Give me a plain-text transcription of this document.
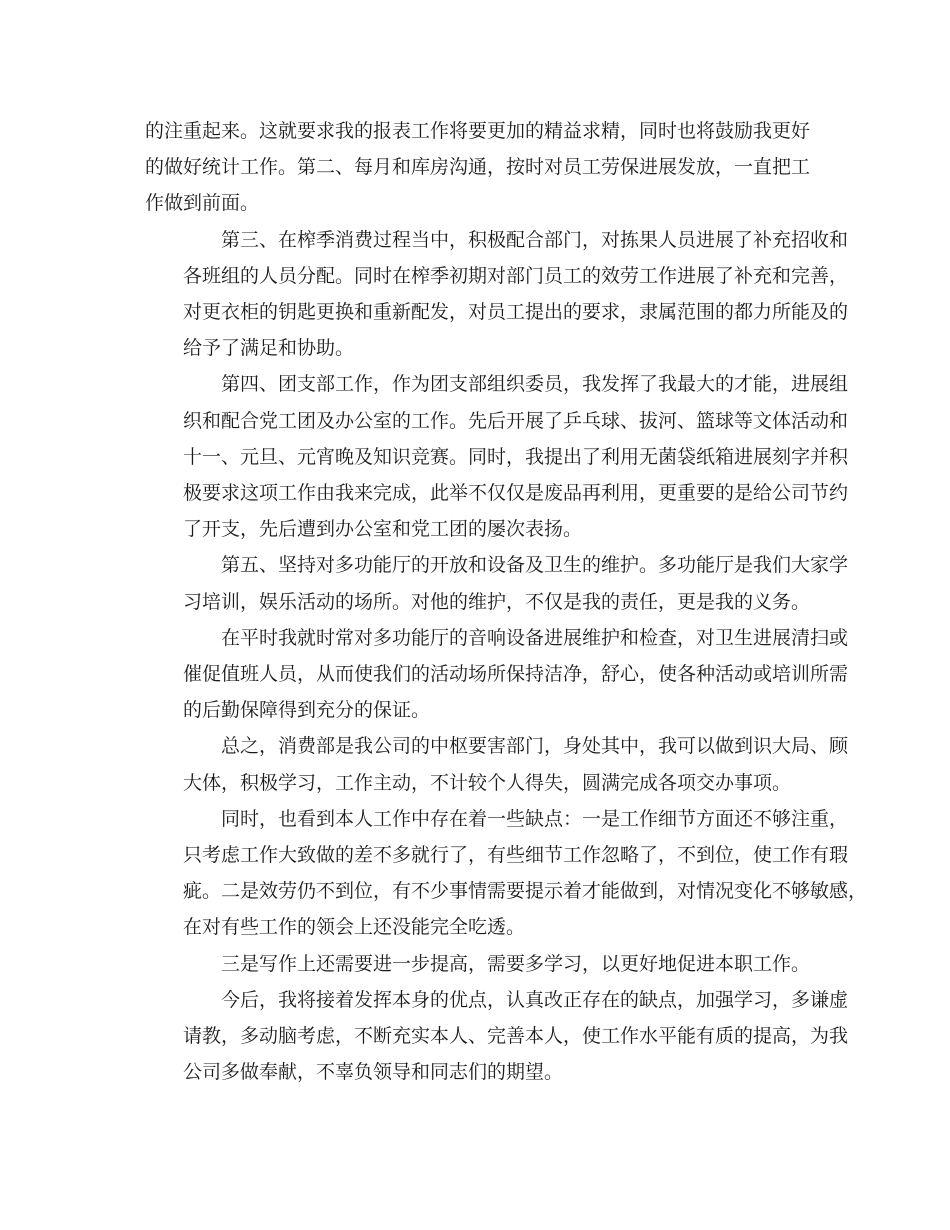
的注重起来。这就要求我的报表工作将要更加的精益求精，同时也将鼓励我更好
的做好统计工作。第二、每月和库房沟通，按时对员工劳保进展发放，一直把工
作做到前面。

第三、在榨季消费过程当中，积极配合部门，对拣果人员进展了补充招收和
各班组的人员分配。同时在榨季初期对部门员工的效劳工作进展了补充和完善，
对更衣柜的钥匙更换和重新配发，对员工提出的要求，隶属范围的都力所能及的
给予了满足和协助。

第四、团支部工作，作为团支部组织委员，我发挥了我最大的才能，进展组
织和配合党工团及办公室的工作。先后开展了乒乓球、拔河、篮球等文体活动和
十一、元旦、元宵晚及知识竞赛。同时，我提出了利用无菌袋纸箱进展刻字并积
极要求这项工作由我来完成，此举不仅仅是废品再利用，更重要的是给公司节约
了开支，先后遭到办公室和党工团的屡次表扬。

第五、坚持对多功能厅的开放和设备及卫生的维护。多功能厅是我们大家学
习培训，娱乐活动的场所。对他的维护，不仅是我的责任，更是我的义务。

在平时我就时常对多功能厅的音响设备进展维护和检查，对卫生进展清扫或
催促值班人员，从而使我们的活动场所保持洁净，舒心，使各种活动或培训所需
的后勤保障得到充分的保证。

总之，消费部是我公司的中枢要害部门，身处其中，我可以做到识大局、顾
大体，积极学习，工作主动，不计较个人得失，圆满完成各项交办事项。

同时，也看到本人工作中存在着一些缺点：一是工作细节方面还不够注重，
只考虑工作大致做的差不多就行了，有些细节工作忽略了，不到位，使工作有瑕
疵。二是效劳仍不到位，有不少事情需要提示着才能做到，对情况变化不够敏感，
在对有些工作的领会上还没能完全吃透。

三是写作上还需要进一步提高，需要多学习，以更好地促进本职工作。

今后，我将接着发挥本身的优点，认真改正存在的缺点，加强学习，多谦虚
请教，多动脑考虑，不断充实本人、完善本人，使工作水平能有质的提高，为我
公司多做奉献，不辜负领导和同志们的期望。
